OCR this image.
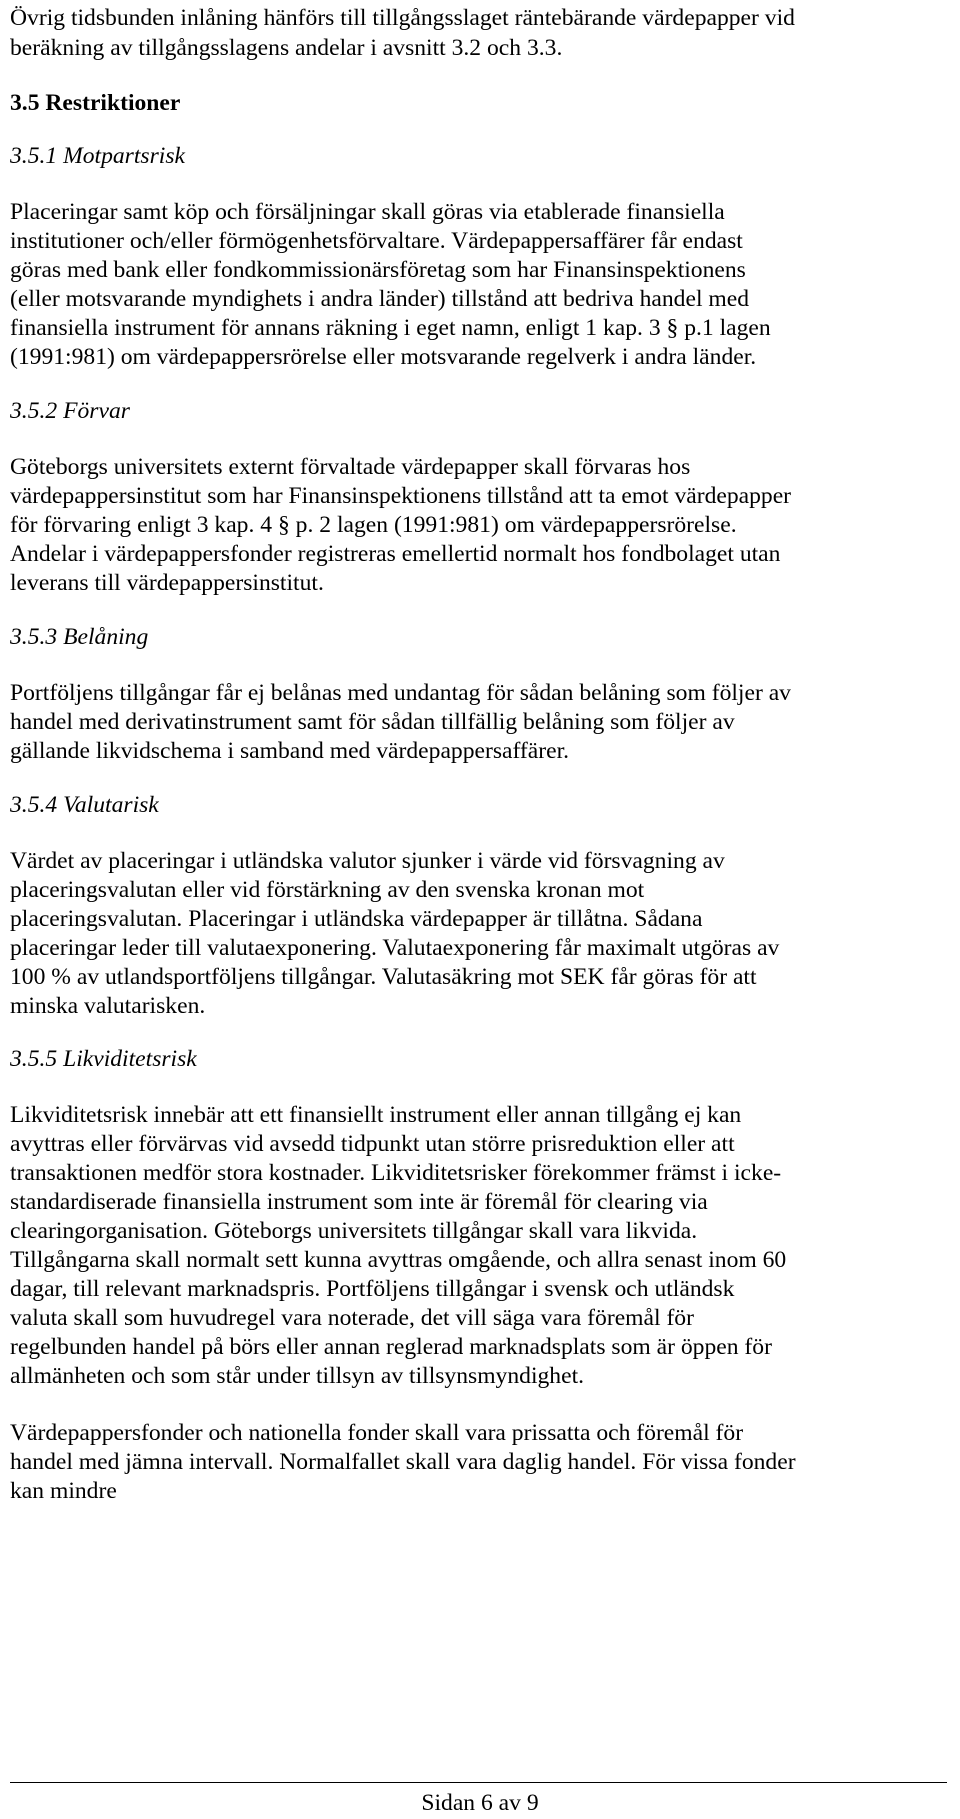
Övrig tidsbunden inlåning hänförs till tillgångsslaget räntebärande värdepapper vid
beräkning av tillgångsslagens andelar i avsnitt 3.2 och 3.3.
3.5 Restriktioner
3.5.1 Motpartsrisk
Placeringar samt köp och försäljningar skall göras via etablerade finansiella
institutioner och/eller förmögenhetsförvaltare. Värdepappersaffärer får endast
göras med bank eller fondkommissionärsföretag som har Finansinspektionens
(eller motsvarande myndighets i andra länder) tillstånd att bedriva handel med
finansiella instrument för annans räkning i eget namn, enligt 1 kap. 3 § p.1 lagen
(1991:981) om värdepappersrörelse eller motsvarande regelverk i andra länder.
3.5.2 Förvar
Göteborgs universitets externt förvaltade värdepapper skall förvaras hos
värdepappersinstitut som har Finansinspektionens tillstånd att ta emot värdepapper
för förvaring enligt 3 kap. 4 § p. 2 lagen (1991:981) om värdepappersrörelse.
Andelar i värdepappersfonder registreras emellertid normalt hos fondbolaget utan
leverans till värdepappersinstitut.
3.5.3 Belåning
Portföljens tillgångar får ej belånas med undantag för sådan belåning som följer av
handel med derivatinstrument samt för sådan tillfällig belåning som följer av
gällande likvidschema i samband med värdepappersaffärer.
3.5.4 Valutarisk
Värdet av placeringar i utländska valutor sjunker i värde vid försvagning av
placeringsvalutan eller vid förstärkning av den svenska kronan mot
placeringsvalutan. Placeringar i utländska värdepapper är tillåtna. Sådana
placeringar leder till valutaexponering. Valutaexponering får maximalt utgöras av
100 % av utlandsportföljens tillgångar. Valutasäkring mot SEK får göras för att
minska valutarisken.
3.5.5 Likviditetsrisk
Likviditetsrisk innebär att ett finansiellt instrument eller annan tillgång ej kan
avyttras eller förvärvas vid avsedd tidpunkt utan större prisreduktion eller att
transaktionen medför stora kostnader. Likviditetsrisker förekommer främst i icke-
standardiserade finansiella instrument som inte är föremål för clearing via
clearingorganisation. Göteborgs universitets tillgångar skall vara likvida.
Tillgångarna skall normalt sett kunna avyttras omgående, och allra senast inom 60
dagar, till relevant marknadspris. Portföljens tillgångar i svensk och utländsk
valuta skall som huvudregel vara noterade, det vill säga vara föremål för
regelbunden handel på börs eller annan reglerad marknadsplats som är öppen för
allmänheten och som står under tillsyn av tillsynsmyndighet.
Värdepappersfonder och nationella fonder skall vara prissatta och föremål för
handel med jämna intervall. Normalfallet skall vara daglig handel. För vissa fonder
kan mindre
Sidan 6 av 9
